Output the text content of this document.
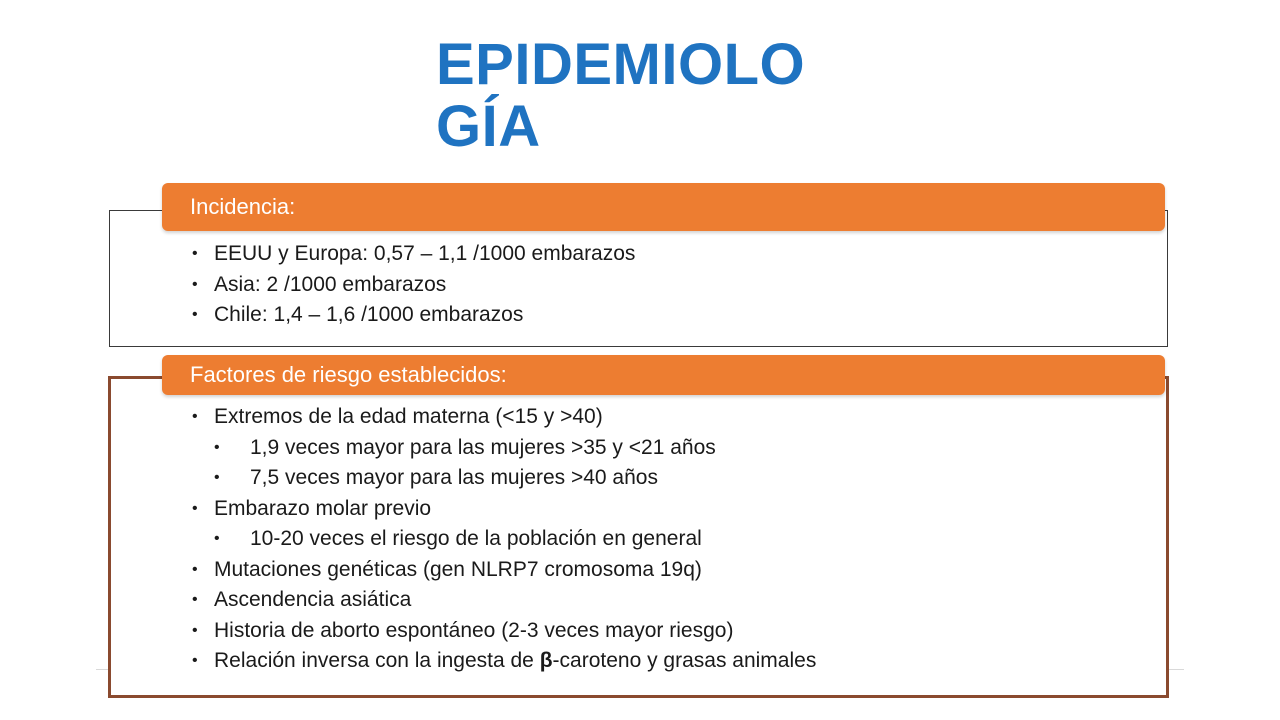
EPIDEMIOLO
GÍA
Incidencia:
• EEUU y Europa: 0,57 – 1,1 /1000 embarazos
• Asia: 2 /1000 embarazos
• Chile: 1,4 – 1,6 /1000 embarazos
Factores de riesgo establecidos:
• Extremos de la edad materna (<15 y >40)
• 1,9 veces mayor para las mujeres >35 y <21 años
• 7,5 veces mayor para las mujeres >40 años
• Embarazo molar previo
• 10-20 veces el riesgo de la población en general
• Mutaciones genéticas (gen NLRP7 cromosoma 19q)
• Ascendencia asiática
• Historia de aborto espontáneo (2-3 veces mayor riesgo)
• Relación inversa con la ingesta de β-caroteno y grasas animales
